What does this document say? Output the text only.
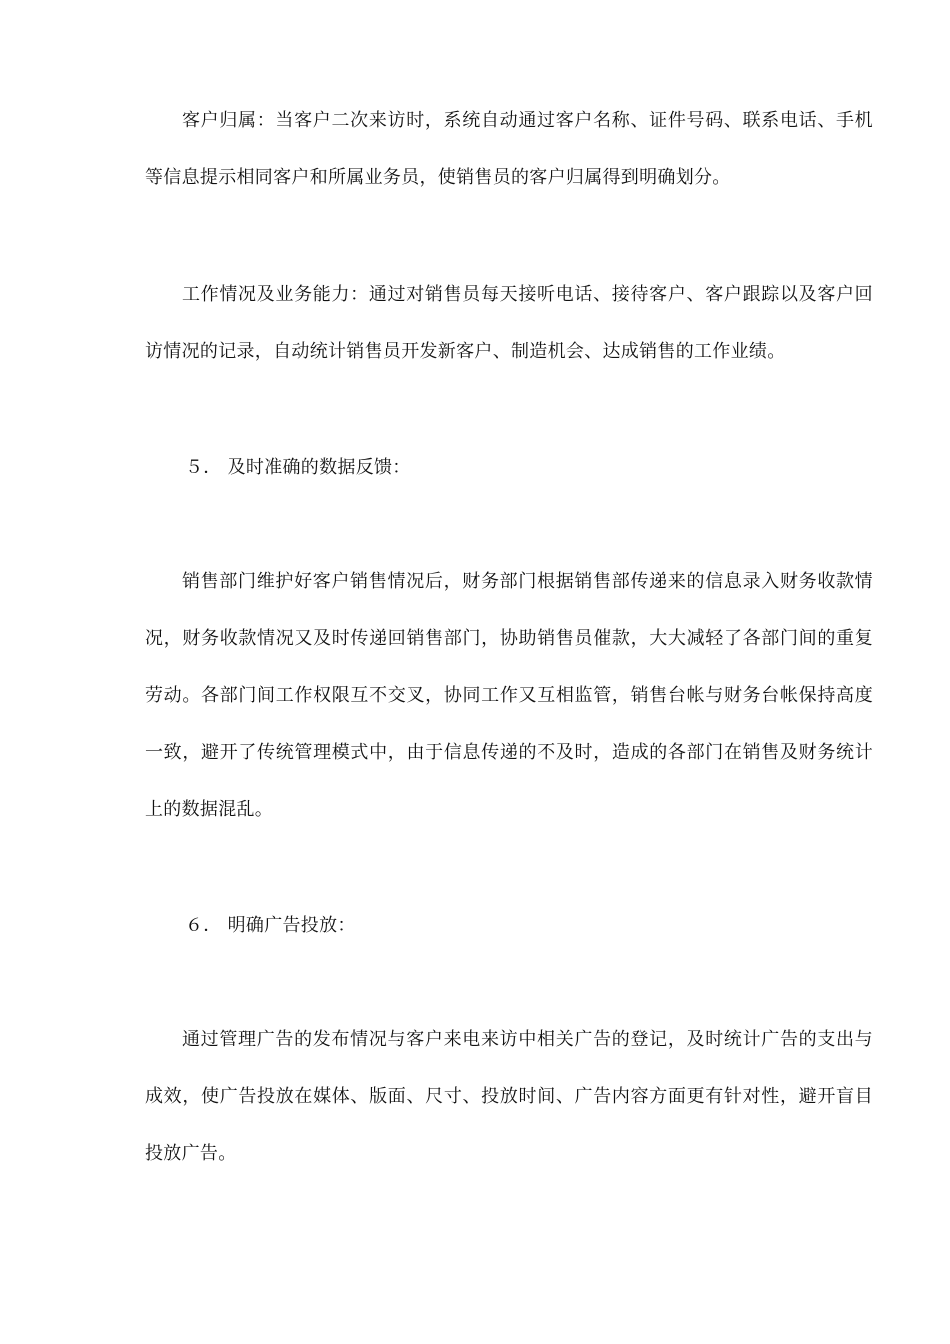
客户归属：当客户二次来访时，系统自动通过客户名称、证件号码、联系电话、手机等信息提示相同客户和所属业务员，使销售员的客户归属得到明确划分。

工作情况及业务能力：通过对销售员每天接听电话、接待客户、客户跟踪以及客户回访情况的记录，自动统计销售员开发新客户、制造机会、达成销售的工作业绩。

５． 及时准确的数据反馈：

销售部门维护好客户销售情况后，财务部门根据销售部传递来的信息录入财务收款情况，财务收款情况又及时传递回销售部门，协助销售员催款，大大减轻了各部门间的重复劳动。各部门间工作权限互不交叉，协同工作又互相监管，销售台帐与财务台帐保持高度一致，避开了传统管理模式中，由于信息传递的不及时，造成的各部门在销售及财务统计上的数据混乱。

６． 明确广告投放：

通过管理广告的发布情况与客户来电来访中相关广告的登记，及时统计广告的支出与成效，使广告投放在媒体、版面、尺寸、投放时间、广告内容方面更有针对性，避开盲目投放广告。
